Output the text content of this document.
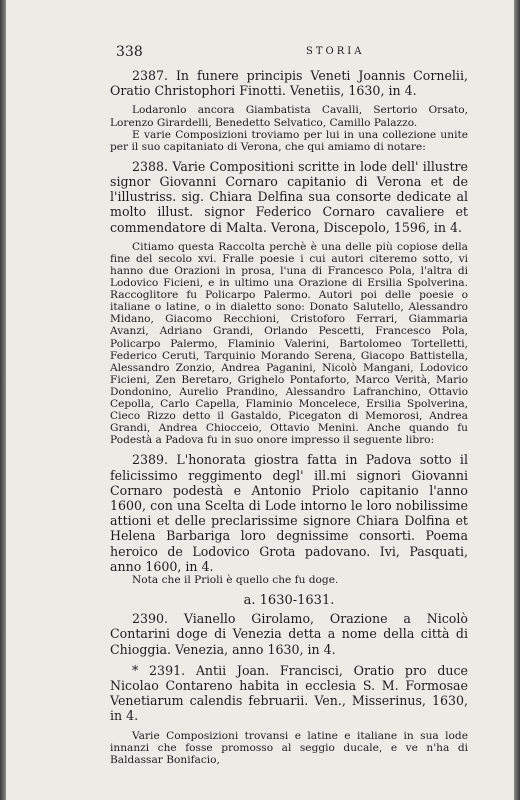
338	STORIA

2387. In funere principis Veneti Joannis Cornelii, Oratio Christophori Finotti. Venetiis, 1630, in 4.

Lodaronlo ancora Giambatista Cavalli, Sertorio Orsato, Lorenzo Girardelli, Benedetto Selvatico, Camillo Palazzo.

E varie Composizioni troviamo per lui in una collezione unite per il suo capitaniato di Verona, che qui amiamo di notare:

2388. Varie Compositioni scritte in lode dell' illustre signor Giovanni Cornaro capitanio di Verona et de l'illustriss. sig. Chiara Delfina sua consorte dedicate al molto illust. signor Federico Cornaro cavaliere et commendatore di Malta. Verona, Discepolo, 1596, in 4.

Citiamo questa Raccolta perchè è una delle più copiose della fine del secolo xvi. Fralle poesie i cui autori citeremo sotto, vi hanno due Orazioni in prosa, l'una di Francesco Pola, l'altra di Lodovico Ficieni, e in ultimo una Orazione di Ersilia Spolverina. Raccoglitore fu Policarpo Palermo. Autori poi delle poesie o italiane o latine, o in dialetto sono: Donato Salutello, Alessandro Midano, Giacomo Recchioni, Cristoforo Ferrari, Giammaria Avanzi, Adriano Grandi, Orlando Pescetti, Francesco Pola, Policarpo Palermo, Flaminio Valerini, Bartolomeo Tortelletti, Federico Ceruti, Tarquinio Morando Serena, Giacopo Battistella, Alessandro Zonzio, Andrea Paganini, Nicolò Mangani, Lodovico Ficieni, Zen Beretaro, Grighelo Pontaforto, Marco Verità, Mario Dondonino, Aurelio Prandino, Alessandro Lafranchino, Ottavio Cepolla, Carlo Capella, Flaminio Moncelece, Ersilia Spolverina, Cieco Rizzo detto il Gastaldo, Picegaton di Memorosi, Andrea Grandi, Andrea Chiocceio, Ottavio Menini. Anche quando fu Podestà a Padova fu in suo onore impresso il seguente libro:

2389. L'honorata giostra fatta in Padova sotto il felicissimo reggimento degl' ill.mi signori Giovanni Cornaro podestà e Antonio Priolo capitanio l'anno 1600, con una Scelta di Lode intorno le loro nobilissime attioni et delle preclarissime signore Chiara Dolfina et Helena Barbariga loro degnissime consorti. Poema heroico de Lodovico Grota padovano. Ivi, Pasquati, anno 1600, in 4.

Nota che il Prioli è quello che fu doge.

a. 1630-1631.

2390. Vianello Girolamo, Orazione a Nicolò Contarini doge di Venezia detta a nome della città di Chioggia. Venezia, anno 1630, in 4.

* 2391. Antii Joan. Francisci, Oratio pro duce Nicolao Contareno habita in ecclesia S. M. Formosae Venetiarum calendis februarii. Ven., Misserinus, 1630, in 4.

Varie Composizioni trovansi e latine e italiane in sua lode innanzi che fosse promosso al seggio ducale, e ve n'ha di Baldassar Bonifacio,
